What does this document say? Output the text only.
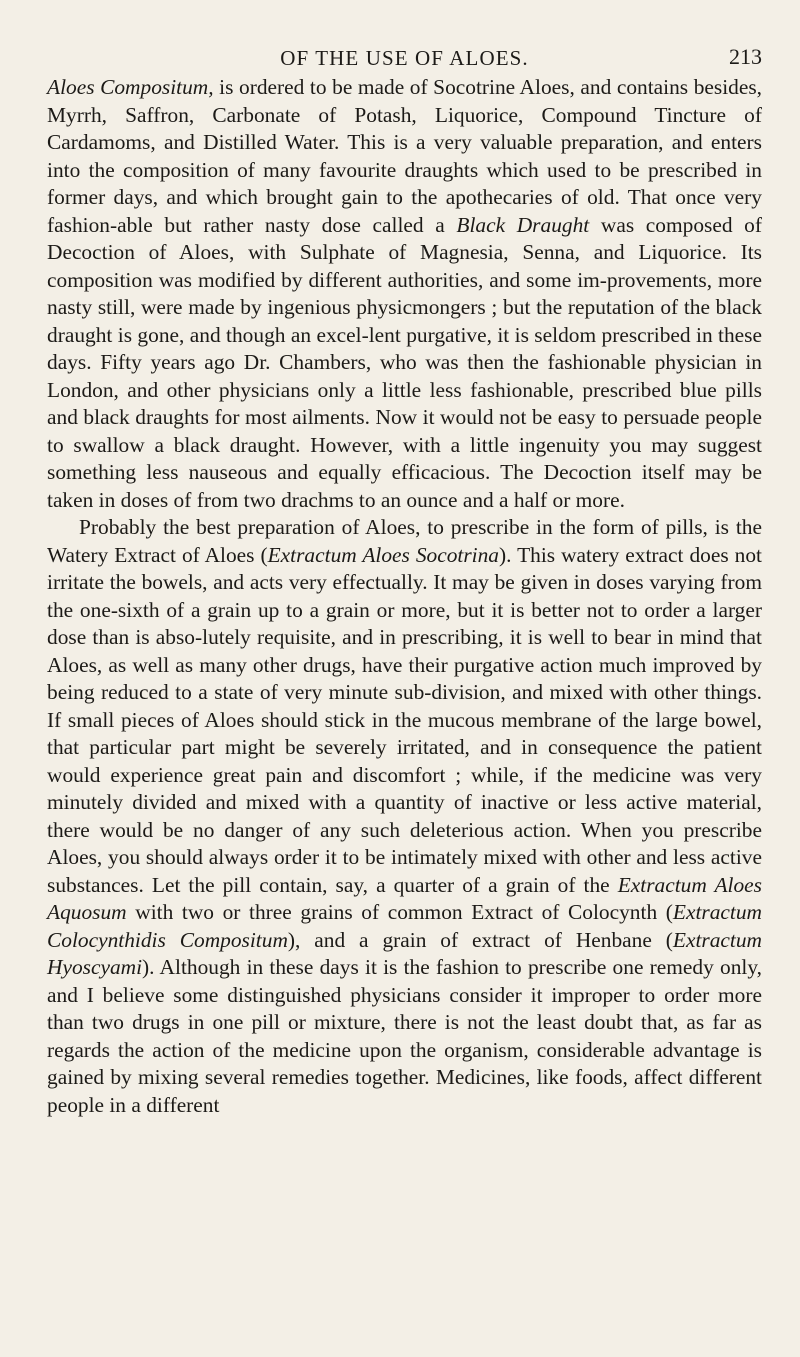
OF THE USE OF ALOES.	213

Aloes Compositum, is ordered to be made of Socotrine Aloes, and contains besides, Myrrh, Saffron, Carbonate of Potash, Liquorice, Compound Tincture of Cardamoms, and Distilled Water. This is a very valuable preparation, and enters into the composition of many favourite draughts which used to be prescribed in former days, and which brought gain to the apothecaries of old. That once very fashion-able but rather nasty dose called a Black Draught was composed of Decoction of Aloes, with Sulphate of Magnesia, Senna, and Liquorice. Its composition was modified by different authorities, and some im-provements, more nasty still, were made by ingenious physicmongers ; but the reputation of the black draught is gone, and though an excel-lent purgative, it is seldom prescribed in these days. Fifty years ago Dr. Chambers, who was then the fashionable physician in London, and other physicians only a little less fashionable, prescribed blue pills and black draughts for most ailments. Now it would not be easy to persuade people to swallow a black draught. However, with a little ingenuity you may suggest something less nauseous and equally efficacious. The Decoction itself may be taken in doses of from two drachms to an ounce and a half or more.

Probably the best preparation of Aloes, to prescribe in the form of pills, is the Watery Extract of Aloes (Extractum Aloes Socotrina). This watery extract does not irritate the bowels, and acts very effectually. It may be given in doses varying from the one-sixth of a grain up to a grain or more, but it is better not to order a larger dose than is abso-lutely requisite, and in prescribing, it is well to bear in mind that Aloes, as well as many other drugs, have their purgative action much improved by being reduced to a state of very minute sub-division, and mixed with other things. If small pieces of Aloes should stick in the mucous membrane of the large bowel, that particular part might be severely irritated, and in consequence the patient would experience great pain and discomfort ; while, if the medicine was very minutely divided and mixed with a quantity of inactive or less active material, there would be no danger of any such deleterious action. When you prescribe Aloes, you should always order it to be intimately mixed with other and less active substances. Let the pill contain, say, a quarter of a grain of the Extractum Aloes Aquosum with two or three grains of common Extract of Colocynth (Extractum Colocynthidis Compositum), and a grain of extract of Henbane (Extractum Hyoscyami). Although in these days it is the fashion to prescribe one remedy only, and I believe some distinguished physicians consider it improper to order more than two drugs in one pill or mixture, there is not the least doubt that, as far as regards the action of the medicine upon the organism, considerable advantage is gained by mixing several remedies together. Medicines, like foods, affect different people in a different
